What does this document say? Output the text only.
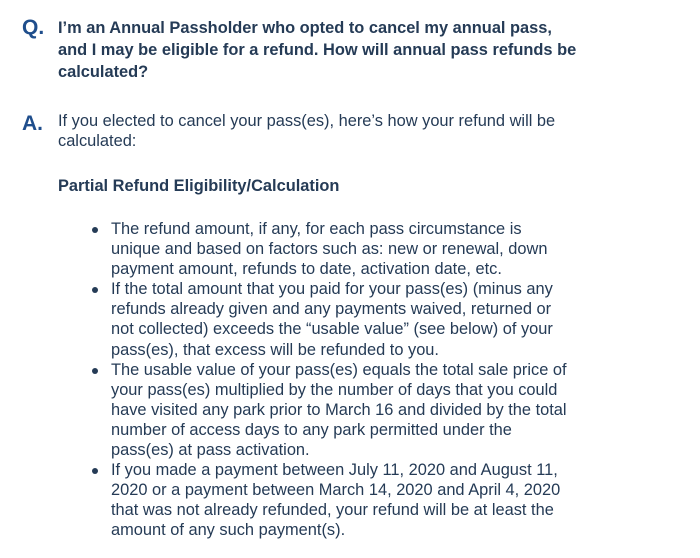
Q. I’m an Annual Passholder who opted to cancel my annual pass, and I may be eligible for a refund. How will annual pass refunds be calculated?
A. If you elected to cancel your pass(es), here’s how your refund will be calculated:
Partial Refund Eligibility/Calculation
The refund amount, if any, for each pass circumstance is unique and based on factors such as: new or renewal, down payment amount, refunds to date, activation date, etc.
If the total amount that you paid for your pass(es) (minus any refunds already given and any payments waived, returned or not collected) exceeds the “usable value” (see below) of your pass(es), that excess will be refunded to you.
The usable value of your pass(es) equals the total sale price of your pass(es) multiplied by the number of days that you could have visited any park prior to March 16 and divided by the total number of access days to any park permitted under the pass(es) at pass activation.
If you made a payment between July 11, 2020 and August 11, 2020 or a payment between March 14, 2020 and April 4, 2020 that was not already refunded, your refund will be at least the amount of any such payment(s).
